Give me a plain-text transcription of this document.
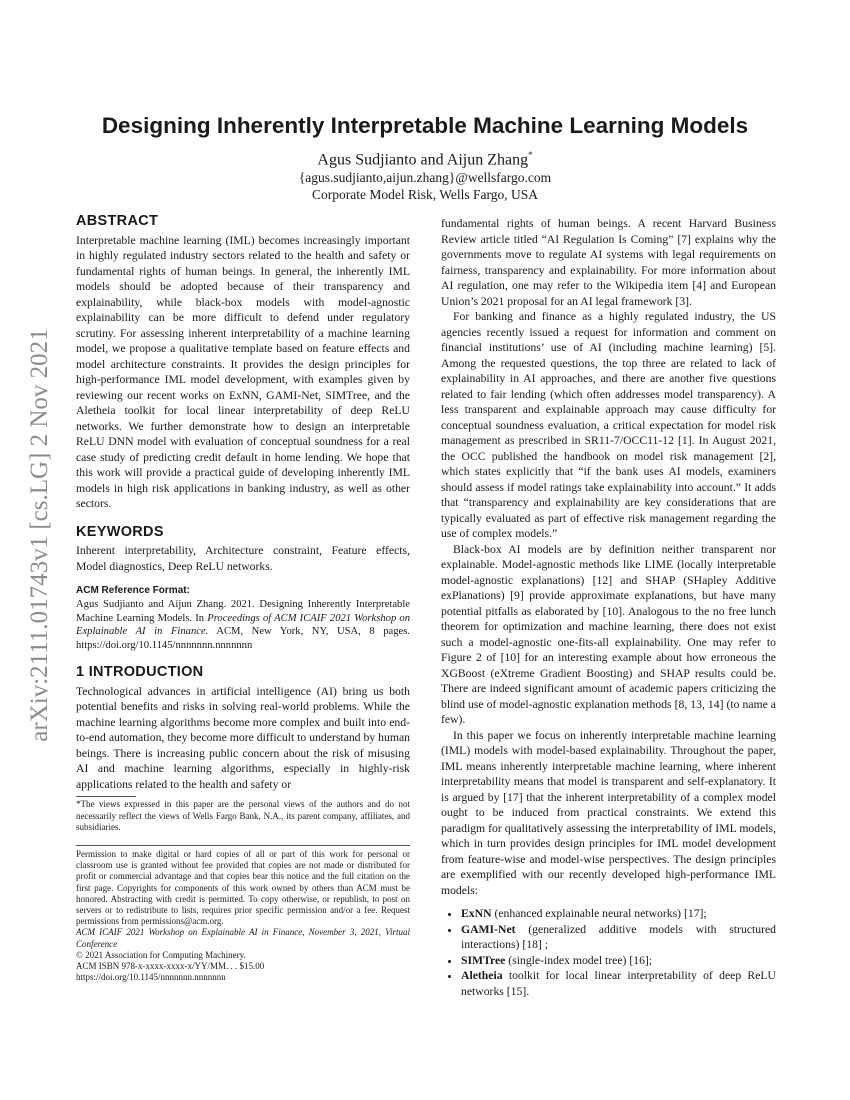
arXiv:2111.01743v1 [cs.LG] 2 Nov 2021
Designing Inherently Interpretable Machine Learning Models
Agus Sudjianto and Aijun Zhang*
{agus.sudjianto,aijun.zhang}@wellsfargo.com
Corporate Model Risk, Wells Fargo, USA
ABSTRACT

Interpretable machine learning (IML) becomes increasingly important in highly regulated industry sectors related to the health and safety or fundamental rights of human beings. In general, the inherently IML models should be adopted because of their transparency and explainability, while black-box models with model-agnostic explainability can be more difficult to defend under regulatory scrutiny. For assessing inherent interpretability of a machine learning model, we propose a qualitative template based on feature effects and model architecture constraints. It provides the design principles for high-performance IML model development, with examples given by reviewing our recent works on ExNN, GAMI-Net, SIMTree, and the Aletheia toolkit for local linear interpretability of deep ReLU networks. We further demonstrate how to design an interpretable ReLU DNN model with evaluation of conceptual soundness for a real case study of predicting credit default in home lending. We hope that this work will provide a practical guide of developing inherently IML models in high risk applications in banking industry, as well as other sectors.

KEYWORDS

Inherent interpretability, Architecture constraint, Feature effects, Model diagnostics, Deep ReLU networks.

ACM Reference Format:

Agus Sudjianto and Aijun Zhang. 2021. Designing Inherently Interpretable Machine Learning Models. In Proceedings of ACM ICAIF 2021 Workshop on Explainable AI in Finance. ACM, New York, NY, USA, 8 pages. https://doi.org/10.1145/nnnnnnn.nnnnnnn

1 INTRODUCTION

Technological advances in artificial intelligence (AI) bring us both potential benefits and risks in solving real-world problems. While the machine learning algorithms become more complex and built into end-to-end automation, they become more difficult to understand by human beings. There is increasing public concern about the risk of misusing AI and machine learning algorithms, especially in highly-risk applications related to the health and safety or

*The views expressed in this paper are the personal views of the authors and do not necessarily reflect the views of Wells Fargo Bank, N.A., its parent company, affiliates, and subsidiaries.

Permission to make digital or hard copies of all or part of this work for personal or classroom use is granted without fee provided that copies are not made or distributed for profit or commercial advantage and that copies bear this notice and the full citation on the first page. Copyrights for components of this work owned by others than ACM must be honored. Abstracting with credit is permitted. To copy otherwise, or republish, to post on servers or to redistribute to lists, requires prior specific permission and/or a fee. Request permissions from permissions@acm.org.

ACM ICAIF 2021 Workshop on Explainable AI in Finance, November 3, 2021, Virtual Conference

© 2021 Association for Computing Machinery.

ACM ISBN 978-x-xxxx-xxxx-x/YY/MM. . . $15.00

https://doi.org/10.1145/nnnnnnn.nnnnnnn

fundamental rights of human beings. A recent Harvard Business Review article titled “AI Regulation Is Coming” [7] explains why the governments move to regulate AI systems with legal requirements on fairness, transparency and explainability. For more information about AI regulation, one may refer to the Wikipedia item [4] and European Union’s 2021 proposal for an AI legal framework [3].

For banking and finance as a highly regulated industry, the US agencies recently issued a request for information and comment on financial institutions’ use of AI (including machine learning) [5]. Among the requested questions, the top three are related to lack of explainability in AI approaches, and there are another five questions related to fair lending (which often addresses model transparency). A less transparent and explainable approach may cause difficulty for conceptual soundness evaluation, a critical expectation for model risk management as prescribed in SR11-7/OCC11-12 [1]. In August 2021, the OCC published the handbook on model risk management [2], which states explicitly that “if the bank uses AI models, examiners should assess if model ratings take explainability into account.” It adds that “transparency and explainability are key considerations that are typically evaluated as part of effective risk management regarding the use of complex models.”

Black-box AI models are by definition neither transparent nor explainable. Model-agnostic methods like LIME (locally interpretable model-agnostic explanations) [12] and SHAP (SHapley Additive exPlanations) [9] provide approximate explanations, but have many potential pitfalls as elaborated by [10]. Analogous to the no free lunch theorem for optimization and machine learning, there does not exist such a model-agnostic one-fits-all explainability. One may refer to Figure 2 of [10] for an interesting example about how erroneous the XGBoost (eXtreme Gradient Boosting) and SHAP results could be. There are indeed significant amount of academic papers criticizing the blind use of model-agnostic explanation methods [8, 13, 14] (to name a few).

In this paper we focus on inherently interpretable machine learning (IML) models with model-based explainability. Throughout the paper, IML means inherently interpretable machine learning, where inherent interpretability means that model is transparent and self-explanatory. It is argued by [17] that the inherent interpretability of a complex model ought to be induced from practical constraints. We extend this paradigm for qualitatively assessing the interpretability of IML models, which in turn provides design principles for IML model development from feature-wise and model-wise perspectives. The design principles are exemplified with our recently developed high-performance IML models:

• ExNN (enhanced explainable neural networks) [17];
• GAMI-Net (generalized additive models with structured interactions) [18] ;
• SIMTree (single-index model tree) [16];
• Aletheia toolkit for local linear interpretability of deep ReLU networks [15].
